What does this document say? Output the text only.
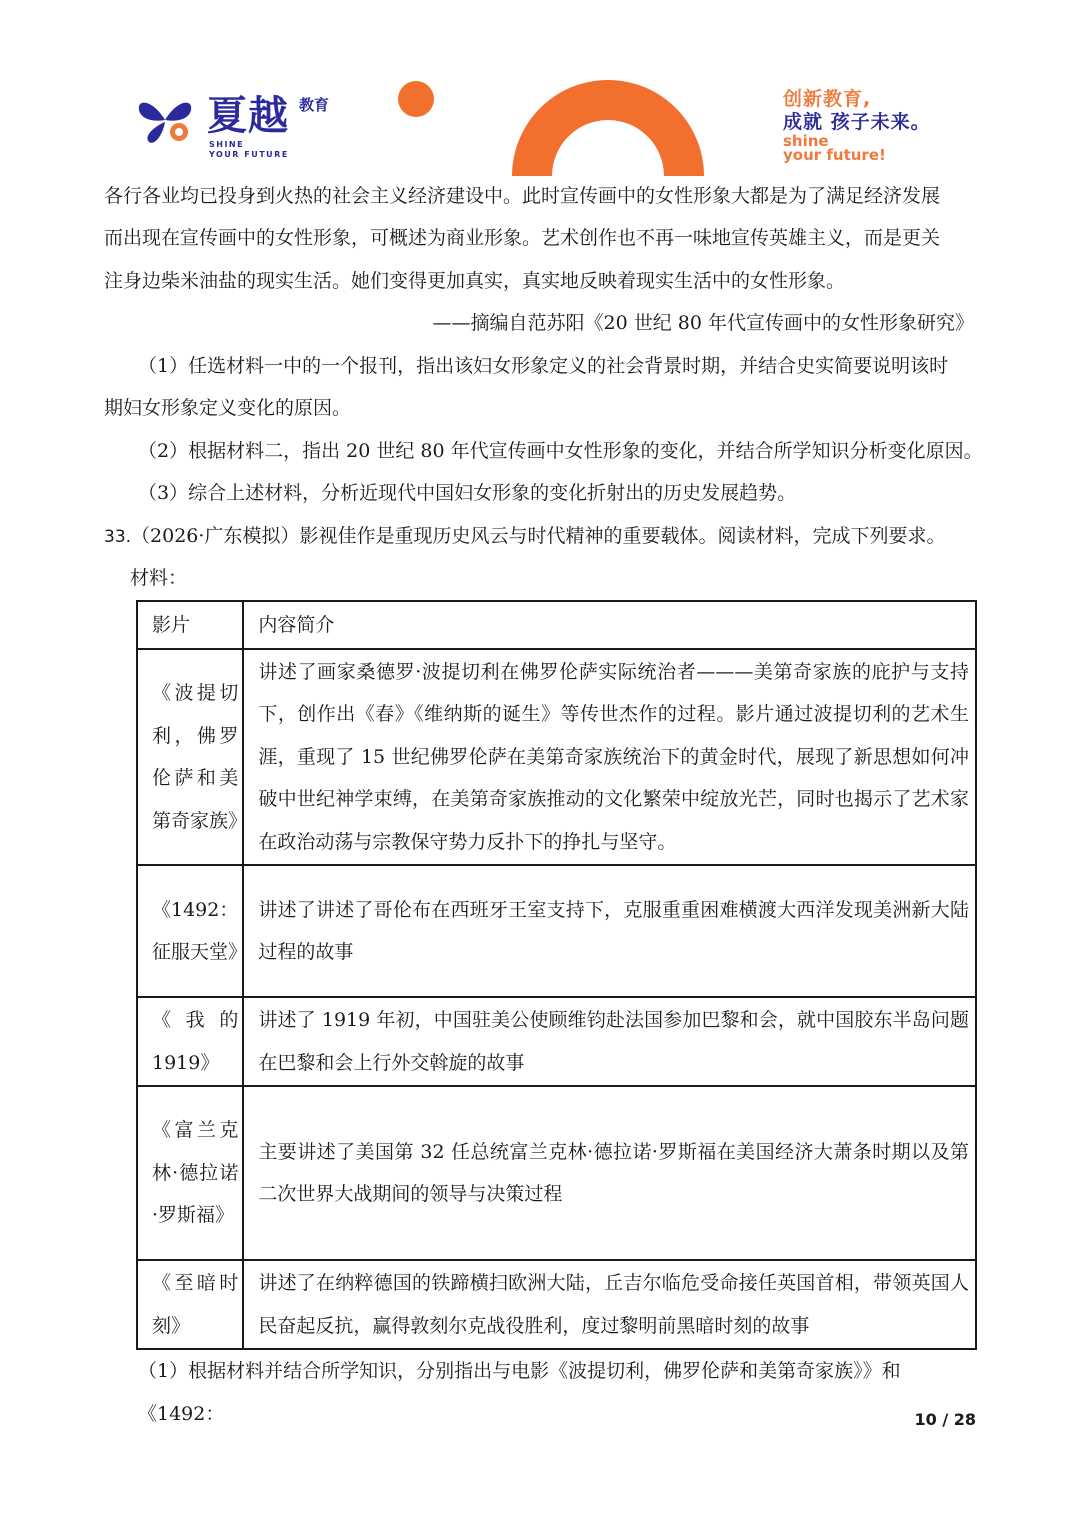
夏越 教育
SHINE
YOUR FUTURE
创新教育,
成就 孩子未来。
shine
your future!

各行各业均已投身到火热的社会主义经济建设中。此时宣传画中的女性形象大都是为了满足经济发展

而出现在宣传画中的女性形象，可概述为商业形象。艺术创作也不再一味地宣传英雄主义，而是更关

注身边柴米油盐的现实生活。她们变得更加真实，真实地反映着现实生活中的女性形象。

——摘编自范苏阳《20 世纪 80 年代宣传画中的女性形象研究》

（1）任选材料一中的一个报刊，指出该妇女形象定义的社会背景时期，并结合史实简要说明该时

期妇女形象定义变化的原因。

（2）根据材料二，指出 20 世纪 80 年代宣传画中女性形象的变化，并结合所学知识分析变化原因。

（3）综合上述材料，分析近现代中国妇女形象的变化折射出的历史发展趋势。

33.（2026·广东模拟）影视佳作是重现历史风云与时代精神的重要载体。阅读材料，完成下列要求。

材料：

影片	内容简介
《波提切利，佛罗伦萨和美第奇家族》	讲述了画家桑德罗·波提切利在佛罗伦萨实际统治者———美第奇家族的庇护与支持下，创作出《春》《维纳斯的诞生》等传世杰作的过程。影片通过波提切利的艺术生涯，重现了 15 世纪佛罗伦萨在美第奇家族统治下的黄金时代，展现了新思想如何冲破中世纪神学束缚，在美第奇家族推动的文化繁荣中绽放光芒，同时也揭示了艺术家在政治动荡与宗教保守势力反扑下的挣扎与坚守。
《1492：征服天堂》	讲述了讲述了哥伦布在西班牙王室支持下，克服重重困难横渡大西洋发现美洲新大陆过程的故事
《我的 1919》	讲述了 1919 年初，中国驻美公使顾维钧赴法国参加巴黎和会，就中国胶东半岛问题在巴黎和会上行外交斡旋的故事
《富兰克林·德拉诺 ·罗斯福》	主要讲述了美国第 32 任总统富兰克林·德拉诺·罗斯福在美国经济大萧条时期以及第二次世界大战期间的领导与决策过程
《至暗时刻》	讲述了在纳粹德国的铁蹄横扫欧洲大陆，丘吉尔临危受命接任英国首相，带领英国人民奋起反抗，赢得敦刻尔克战役胜利，度过黎明前黑暗时刻的故事

（1）根据材料并结合所学知识，分别指出与电影《波提切利，佛罗伦萨和美第奇家族》》和《1492：	10 / 28
